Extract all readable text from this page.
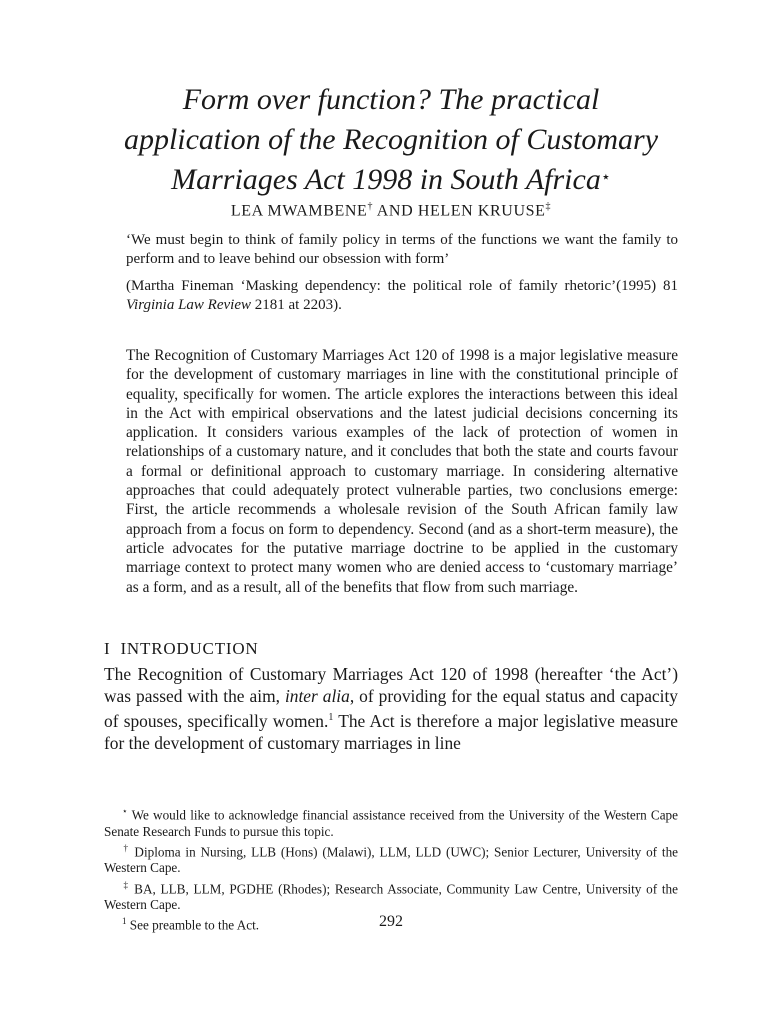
Form over function? The practical
application of the Recognition of Customary
Marriages Act 1998 in South Africa⋆
LEA MWAMBENE† AND HELEN KRUUSE‡

‘We must begin to think of family policy in terms of the functions we want the family to perform and to leave behind our obsession with form’

(Martha Fineman ‘Masking dependency: the political role of family rhetoric’(1995) 81 Virginia Law Review 2181 at 2203).

The Recognition of Customary Marriages Act 120 of 1998 is a major legislative measure for the development of customary marriages in line with the constitutional principle of equality, specifically for women. The article explores the interactions between this ideal in the Act with empirical observations and the latest judicial decisions concerning its application. It considers various examples of the lack of protection of women in relationships of a customary nature, and it concludes that both the state and courts favour a formal or definitional approach to customary marriage. In considering alternative approaches that could adequately protect vulnerable parties, two conclusions emerge: First, the article recommends a wholesale revision of the South African family law approach from a focus on form to dependency. Second (and as a short-term measure), the article advocates for the putative marriage doctrine to be applied in the customary marriage context to protect many women who are denied access to ‘customary marriage’ as a form, and as a result, all of the benefits that flow from such marriage.

I INTRODUCTION

The Recognition of Customary Marriages Act 120 of 1998 (hereafter ‘the Act’) was passed with the aim, inter alia, of providing for the equal status and capacity of spouses, specifically women.$^1$ The Act is therefore a major legislative measure for the development of customary marriages in line

⋆ We would like to acknowledge financial assistance received from the University of the Western Cape Senate Research Funds to pursue this topic.

† Diploma in Nursing, LLB (Hons) (Malawi), LLM, LLD (UWC); Senior Lecturer, University of the Western Cape.

‡ BA, LLB, LLM, PGDHE (Rhodes); Research Associate, Community Law Centre, University of the Western Cape.

$^1$ See preamble to the Act.	292
